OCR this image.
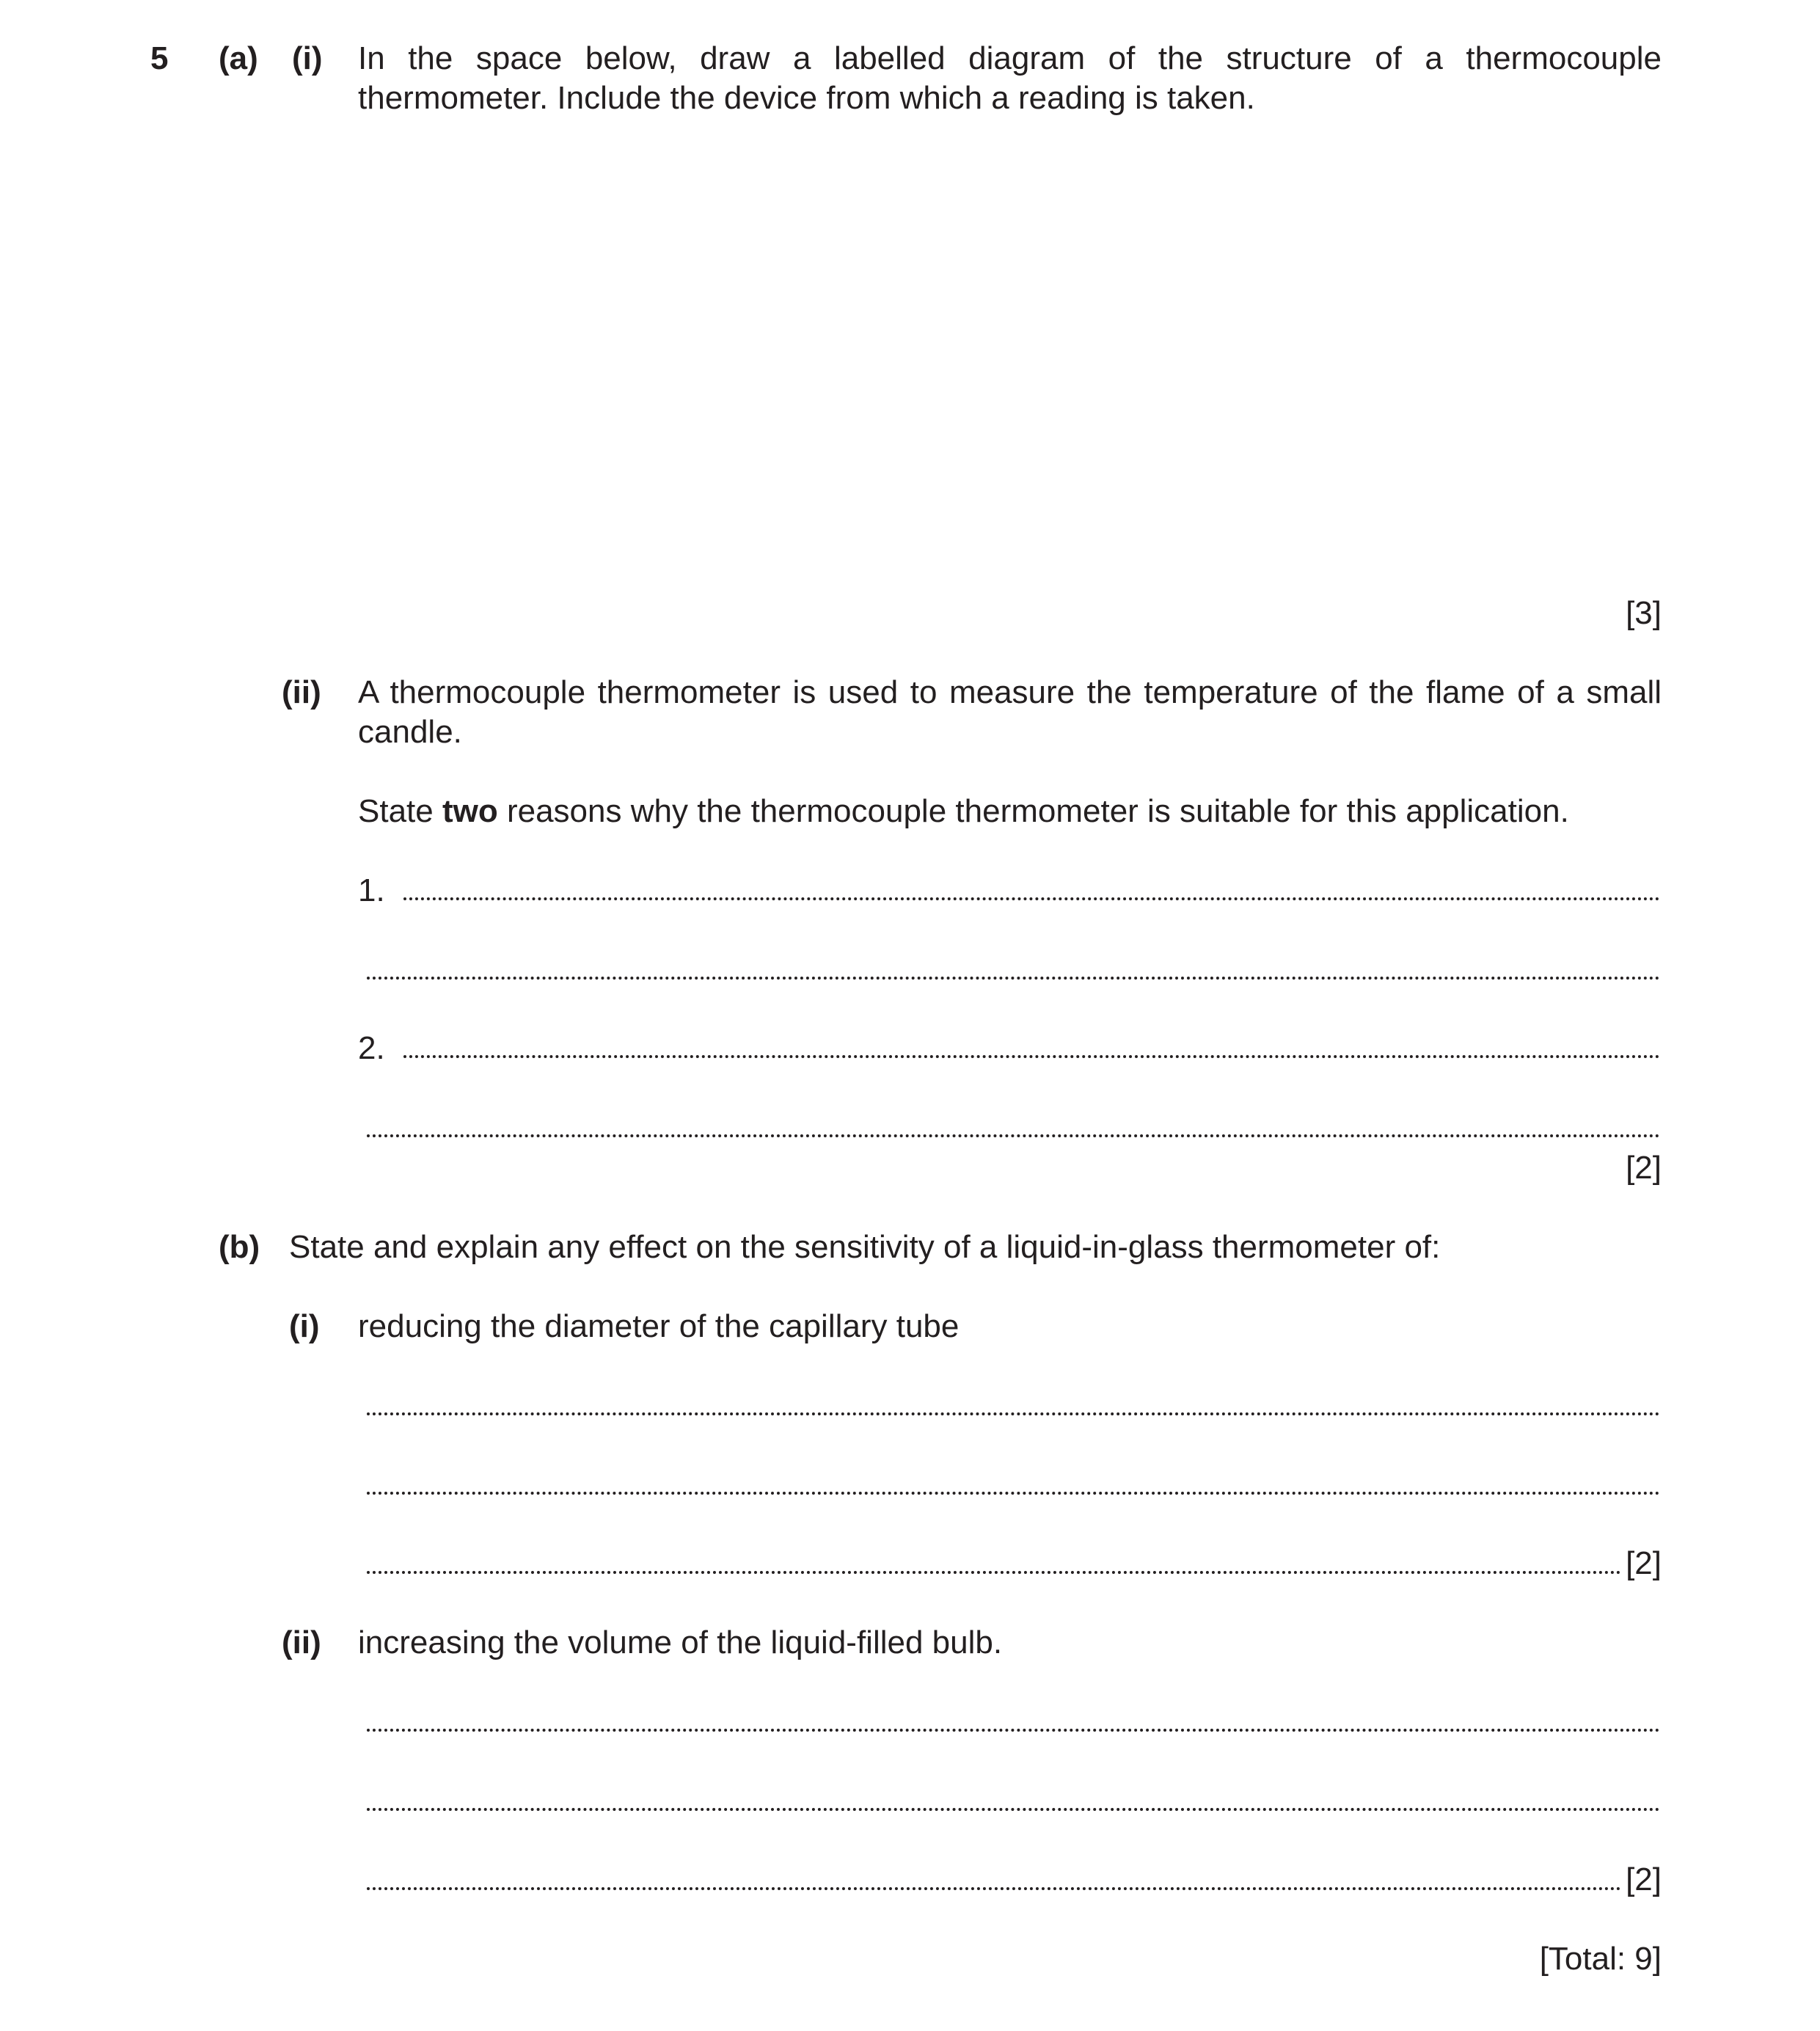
5 (a) (i) In the space below, draw a labelled diagram of the structure of a thermocouple
thermometer. Include the device from which a reading is taken.
[3]
(ii) A thermocouple thermometer is used to measure the temperature of the flame of a small
candle.
State two reasons why the thermocouple thermometer is suitable for this application.
1.
2.
[2]
(b) State and explain any effect on the sensitivity of a liquid-in-glass thermometer of:
(i) reducing the diameter of the capillary tube
[2]
(ii) increasing the volume of the liquid-filled bulb.
[2]
[Total: 9]
